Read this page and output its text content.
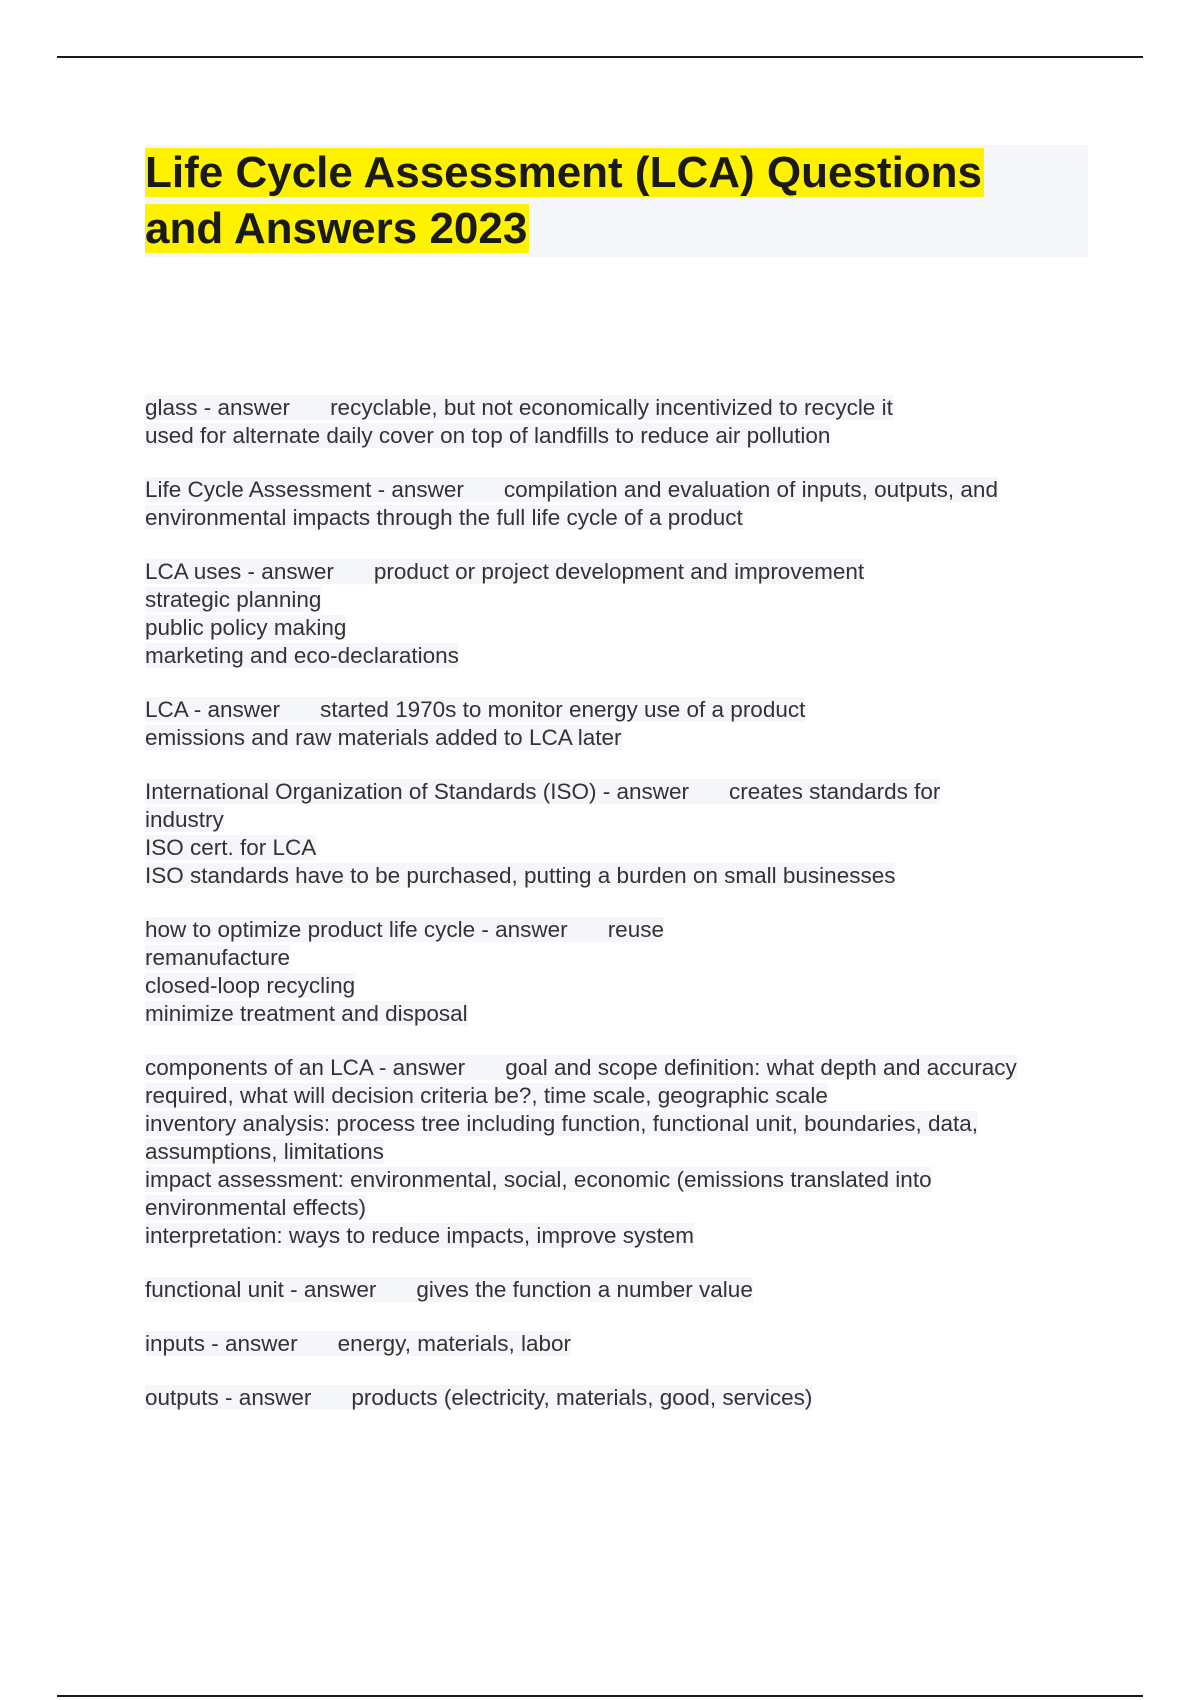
Life Cycle Assessment (LCA) Questions
and Answers 2023
glass - answer recyclable, but not economically incentivized to recycle it
used for alternate daily cover on top of landfills to reduce air pollution
Life Cycle Assessment - answer compilation and evaluation of inputs, outputs, and
environmental impacts through the full life cycle of a product
LCA uses - answer product or project development and improvement
strategic planning
public policy making
marketing and eco-declarations
LCA - answer started 1970s to monitor energy use of a product
emissions and raw materials added to LCA later
International Organization of Standards (ISO) - answer creates standards for
industry
ISO cert. for LCA
ISO standards have to be purchased, putting a burden on small businesses
how to optimize product life cycle - answer reuse
remanufacture
closed-loop recycling
minimize treatment and disposal
components of an LCA - answer goal and scope definition: what depth and accuracy
required, what will decision criteria be?, time scale, geographic scale
inventory analysis: process tree including function, functional unit, boundaries, data,
assumptions, limitations
impact assessment: environmental, social, economic (emissions translated into
environmental effects)
interpretation: ways to reduce impacts, improve system
functional unit - answer gives the function a number value
inputs - answer energy, materials, labor
outputs - answer products (electricity, materials, good, services)
